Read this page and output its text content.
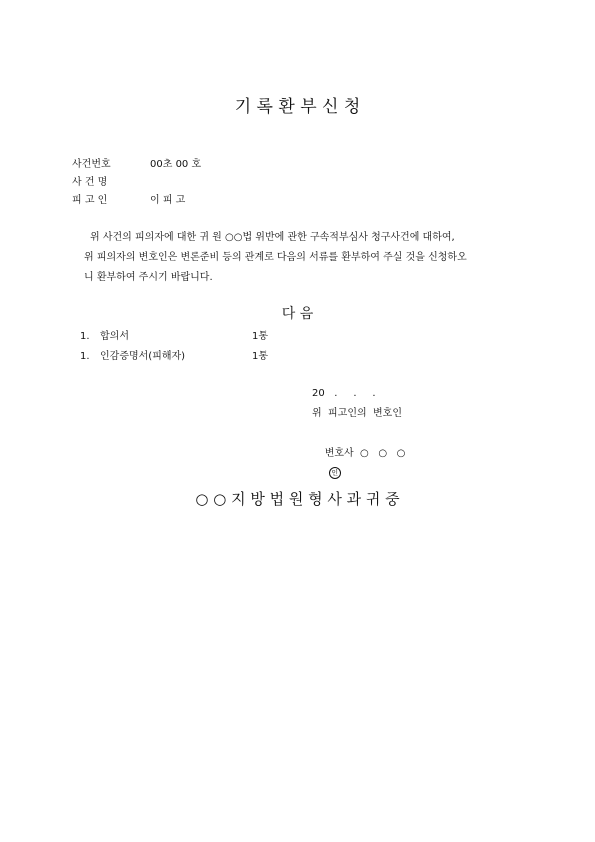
기 록 환 부 신 청
사건번호	00초 00 호
사 건 명
피 고 인	이 피 고
위 사건의 피의자에 대한 귀 원 ○○법 위반에 관한 구속적부심사 청구사건에 대하여,
위 피의자의 변호인은 변론준비 등의 관계로 다음의 서류를 환부하여 주실 것을 신청하오
니 환부하여 주시기 바랍니다.
다 음
1.	합의서	1통
1.	인감증명서(피해자)	1통
20   .     .     .
위  피고인의  변호인

변호사  ○   ○   ○
인

○ ○ 지 방 법 원 형 사 과 귀 중
